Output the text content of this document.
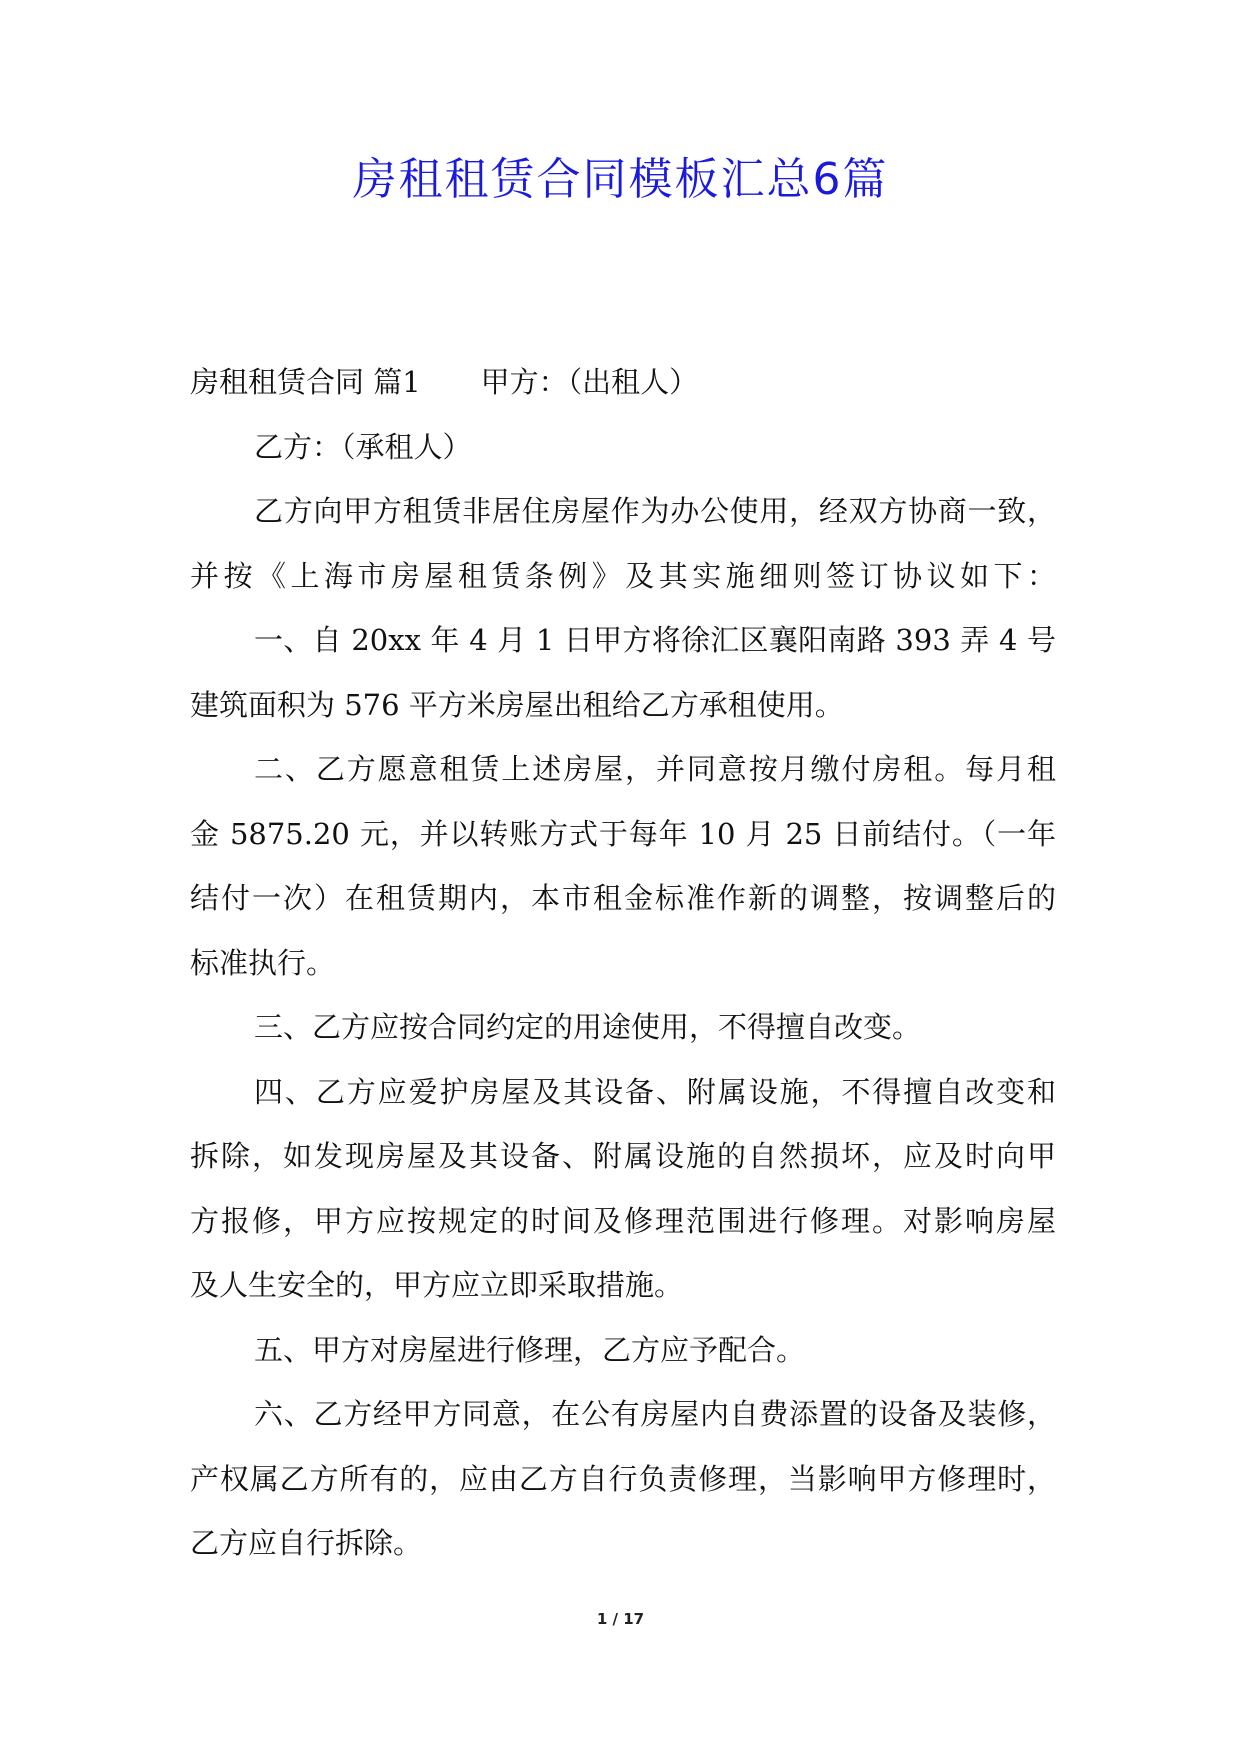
房租租赁合同模板汇总6篇
房租租赁合同 篇1 甲方：（出租人）
乙方：（承租人）
乙方向甲方租赁非居住房屋作为办公使用，经双方协商一致，
并按《上海市房屋租赁条例》及其实施细则签订协议如下：
一、自 20xx 年 4 月 1 日甲方将徐汇区襄阳南路 393 弄 4 号
建筑面积为 576 平方米房屋出租给乙方承租使用。
二、乙方愿意租赁上述房屋，并同意按月缴付房租。每月租
金 5875.20 元，并以转账方式于每年 10 月 25 日前结付。（一年
结付一次）在租赁期内，本市租金标准作新的调整，按调整后的
标准执行。
三、乙方应按合同约定的用途使用，不得擅自改变。
四、乙方应爱护房屋及其设备、附属设施，不得擅自改变和
拆除，如发现房屋及其设备、附属设施的自然损坏，应及时向甲
方报修，甲方应按规定的时间及修理范围进行修理。对影响房屋
及人生安全的，甲方应立即采取措施。
五、甲方对房屋进行修理，乙方应予配合。
六、乙方经甲方同意，在公有房屋内自费添置的设备及装修，
产权属乙方所有的，应由乙方自行负责修理，当影响甲方修理时，
乙方应自行拆除。
1 / 17
